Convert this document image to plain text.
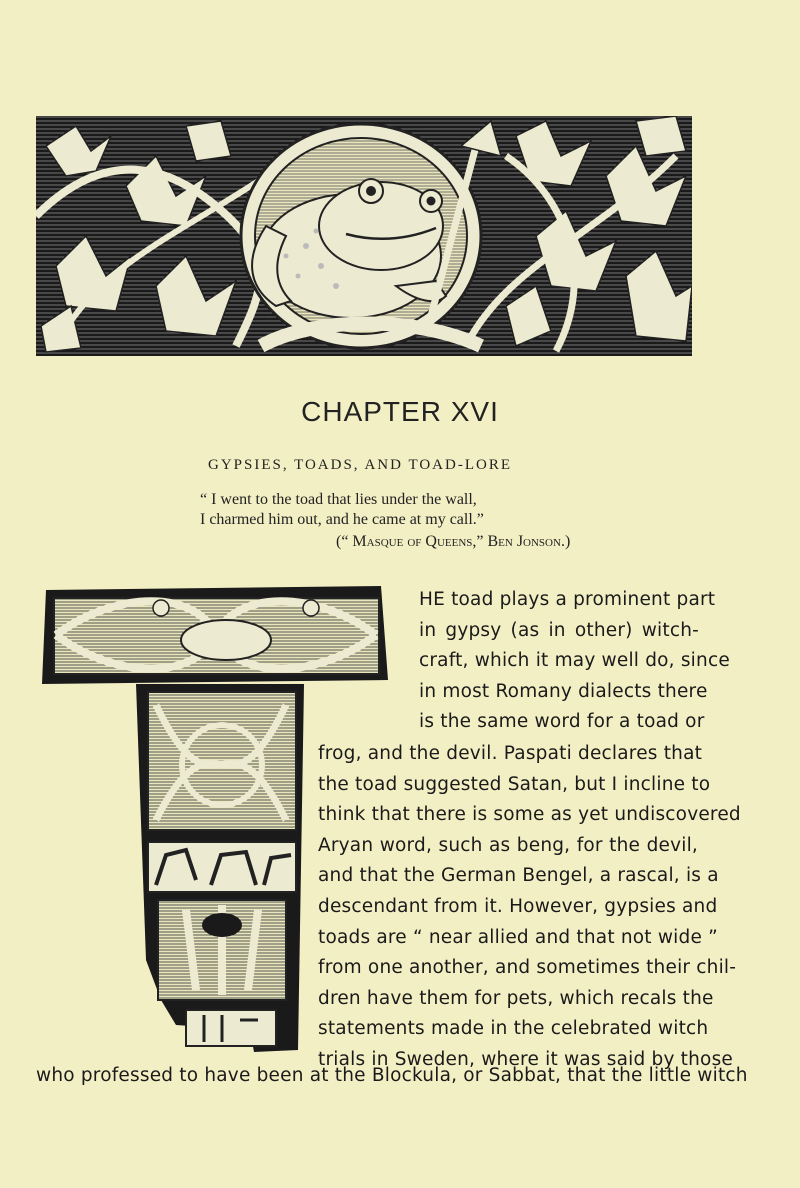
CHAPTER XVI
GYPSIES, TOADS, AND TOAD-LORE
“ I went to the toad that lies under the wall,
I charmed him out, and he came at my call.”
(“ Masque of Queens,” Ben Jonson.)
HE toad plays a prominent part
in gypsy (as in other) witch-
craft, which it may well do, since
in most Romany dialects there
is the same word for a toad or
frog, and the devil. Paspati declares that
the toad suggested Satan, but I incline to
think that there is some as yet undiscovered
Aryan word, such as beng, for the devil,
and that the German Bengel, a rascal, is a
descendant from it. However, gypsies and
toads are “ near allied and that not wide ”
from one another, and sometimes their chil-
dren have them for pets, which recals the
statements made in the celebrated witch
trials in Sweden, where it was said by those
who professed to have been at the Blockula, or Sabbat, that the little witch
